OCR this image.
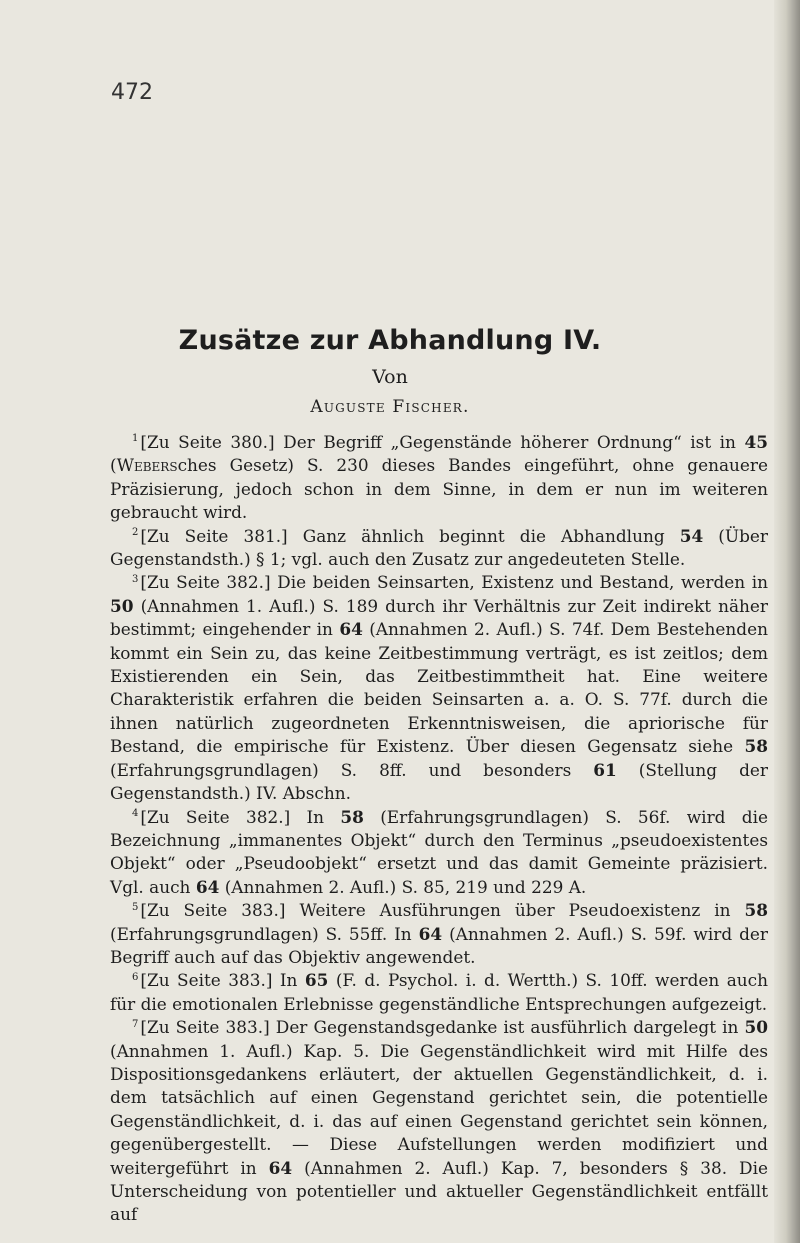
472
Zusätze zur Abhandlung IV.
Von
Auguste Fischer.

$^1$ [Zu Seite 380.] Der Begriff „Gegenstände höherer Ordnung“ ist in 45 (Webersches Gesetz) S. 230 dieses Bandes eingeführt, ohne genauere Präzisierung, jedoch schon in dem Sinne, in dem er nun im weiteren gebraucht wird.

$^2$ [Zu Seite 381.] Ganz ähnlich beginnt die Abhandlung 54 (Über Gegenstandsth.) § 1; vgl. auch den Zusatz zur angedeuteten Stelle.

$^3$ [Zu Seite 382.] Die beiden Seinsarten, Existenz und Bestand, werden in 50 (Annahmen 1. Aufl.) S. 189 durch ihr Verhältnis zur Zeit indirekt näher bestimmt; eingehender in 64 (Annahmen 2. Aufl.) S. 74f. Dem Bestehenden kommt ein Sein zu, das keine Zeitbestimmung verträgt, es ist zeitlos; dem Existierenden ein Sein, das Zeitbestimmtheit hat. Eine weitere Charakteristik erfahren die beiden Seinsarten a. a. O. S. 77f. durch die ihnen natürlich zugeordneten Erkenntnisweisen, die apriorische für Bestand, die empirische für Existenz. Über diesen Gegensatz siehe 58 (Erfahrungsgrundlagen) S. 8ff. und besonders 61 (Stellung der Gegenstandsth.) IV. Abschn.

$^4$ [Zu Seite 382.] In 58 (Erfahrungsgrundlagen) S. 56f. wird die Bezeichnung „immanentes Objekt“ durch den Terminus „pseudoexistentes Objekt“ oder „Pseudoobjekt“ ersetzt und das damit Gemeinte präzisiert. Vgl. auch 64 (Annahmen 2. Aufl.) S. 85, 219 und 229 A.

$^5$ [Zu Seite 383.] Weitere Ausführungen über Pseudoexistenz in 58 (Erfahrungsgrundlagen) S. 55ff. In 64 (Annahmen 2. Aufl.) S. 59f. wird der Begriff auch auf das Objektiv angewendet.

$^6$ [Zu Seite 383.] In 65 (F. d. Psychol. i. d. Wertth.) S. 10ff. werden auch für die emotionalen Erlebnisse gegenständliche Entsprechungen aufgezeigt.

$^7$ [Zu Seite 383.] Der Gegenstandsgedanke ist ausführlich dargelegt in 50 (Annahmen 1. Aufl.) Kap. 5. Die Gegenständlichkeit wird mit Hilfe des Dispositionsgedankens erläutert, der aktuellen Gegenständlichkeit, d. i. dem tatsächlich auf einen Gegenstand gerichtet sein, die potentielle Gegenständlichkeit, d. i. das auf einen Gegenstand gerichtet sein können, gegenübergestellt. — Diese Aufstellungen werden modifiziert und weitergeführt in 64 (Annahmen 2. Aufl.) Kap. 7, besonders § 38. Die Unterscheidung von potentieller und aktueller Gegenständlichkeit entfällt auf
